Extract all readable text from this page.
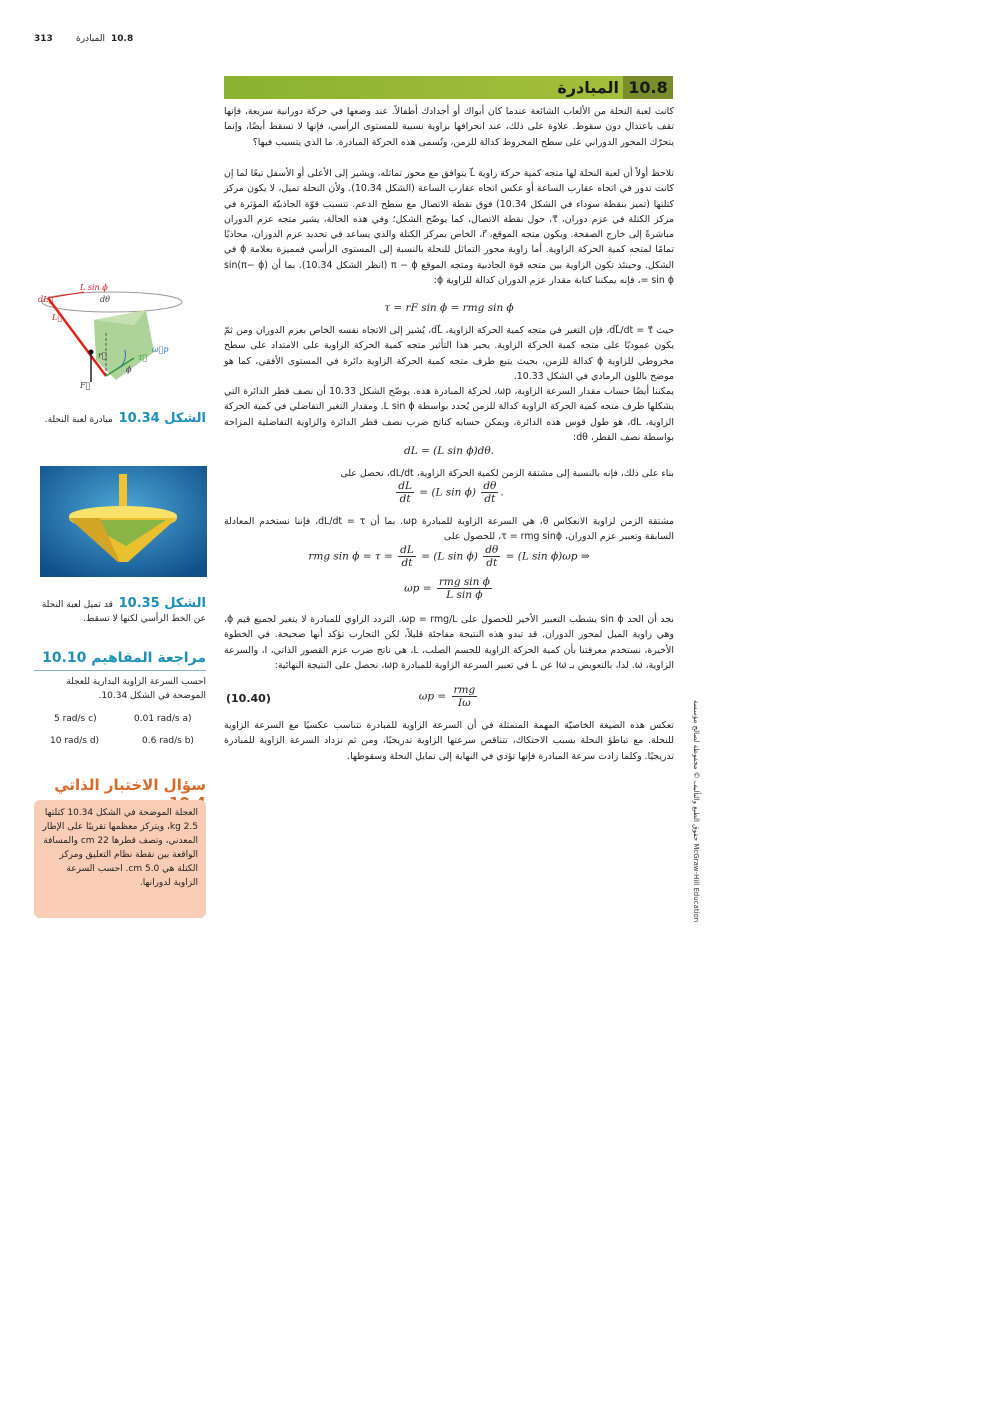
313	المبادرة 10.8
10.8
المبادرة
كانت لعبة النحلة من الألعاب الشائعة عندما كان أبواك أو أجدادك أطفالاً. عند وضعها في حركة دورانية سريعة، فإنها تقف باعتدال دون سقوط. علاوة على ذلك، عند انحرافها بزاوية نسبية للمستوى الرأسي، فإنها لا تسقط أيضًا، وإنما يتحرّك المحور الدوراني على سطح المخروط كدالة للزمن، وتُسمى هذه الحركة المبادرة. ما الذي يتسبب فيها؟
تلاحظ أولاً أن لعبة النحلة لها متجه كمية حركة زاوية L⃗ يتوافق مع محور تماثله، ويشير إلى الأعلى أو الأسفل تبعًا لما إن كانت تدور في اتجاه عقارب الساعة أو عكس اتجاه عقارب الساعة (الشكل 10.34). ولأن النحلة تميل، لا يكون مركز كتلتها (تميز بنقطة سوداء في الشكل 10.34) فوق نقطة الاتصال مع سطح الدعم. تتسبب قوّة الجاذبيّة المؤثرة في مركز الكتلة في عزم دوران، τ⃗، حول نقطة الاتصال، كما يوضّح الشكل؛ وفي هذه الحالة، يشير متجه عزم الدوران مباشرةً إلى خارج الصفحة. ويكون متجه الموقع، r⃗، الخاص بمركز الكتلة والذي يساعد في تحديد عزم الدوران، محاذيًا تمامًا لمتجه كمية الحركة الزاوية. أما زاوية محور التماثل للنحلة بالنسبة إلى المستوى الرأسي فمميزة بعلامة ϕ في الشكل. وحينئذ تكون الزاوية بين متجه قوة الجاذبية ومتجه الموقع π − ϕ (انظر الشكل 10.34). بما أن sin(π− ϕ) = sin ϕ، فإنه يمكننا كتابة مقدار عزم الدوران كدالة للزاوية ϕ:
τ = rF sin ϕ = rmg sin ϕ
حيث dL⃗/dt = τ⃗، فإن التغير في متجه كمية الحركة الزاوية، dL⃗، يُشير إلى الاتجاه نفسه الخاص بعزم الدوران ومن ثمّ يكون عموديًا على متجه كمية الحركة الزاوية. يحير هذا التأثير متجه كمية الحركة الزاوية على الامتداد على سطح مخروطي للزاوية ϕ كدالة للزمن، بحيث يتبع طرف متجه كمية الحركة الزاوية دائرة في المستوى الأفقي، كما هو موضح باللون الرمادي في الشكل 10.33.
يمكننا أيضًا حساب مقدار السرعة الزاوية، ωp، لحركة المبادرة هذه. يوضّح الشكل 10.33 أن نصف قطر الدائرة التي يشكلها طرف متجه كمية الحركة الزاوية كدالة للزمن يُحدد بواسطة L sin ϕ. ومقدار التغير التفاضلي في كمية الحركة الزاوية، dL، هو طول قوس هذه الدائرة، ويمكن حسابه كناتج ضرب نصف قطر الدائرة والزاوية التفاضلية المزاحة بواسطة نصف القطر، dθ:
dL = (L sin ϕ)dθ.
بناء على ذلك، فإنه بالنسبة إلى مشتقة الزمن لكمية الحركة الزاوية، dL/dt، نحصل على
$\frac{dL}{dt} = (L$ $\sin \phi) \frac{d\theta}{dt}$ .
مشتقة الزمن لزاوية الانعكاس θ، هي السرعة الزاوية للمبادرة ωp. بما أن dL/dt = τ، فإننا نستخدم المعادلة السابقة وتعبير عزم الدوران، τ = rmg sinϕ، للحصول على
rmg $\sin \phi = \tau = \frac{dL}{dt} = (L$ $\sin \phi) \frac{d\theta}{dt} = (L$ sin ϕ)ωp ⇒
$\omega p = \frac{\text{rmg sin ϕ}}{\text{L sin ϕ}}$
نجد أن الحد sin ϕ يشطب التعبير الأخير للحصول على ωp = rmg/L. التردد الزاوي للمبادرة لا يتغير لجميع قيم ϕ، وهي زاوية الميل لمحور الدوران. قد تبدو هذه النتيجة مفاجئة قليلاً، لكن التجارب تؤكد أنها صحيحة. في الخطوة الأخيرة، نستخدم معرفتنا بأن كمية الحركة الزاوية للجسم الصلب، L، هي ناتج ضرب عزم القصور الذاتي، I، والسرعة الزاوية، ω. لذا، بالتعويض بـ Iω عن L في تعبير السرعة الزاوية للمبادرة ωp، نحصل على النتيجة النهائية:
$\omega p = \frac{\text{rmg}}{I\omega}$
(10.40)
تعكس هذه الصيغة الخاصيّة المهمة المتمثلة في أن السرعة الزاوية للمبادرة تتناسب عكسيًا مع السرعة الزاوية للنحلة. مع تباطؤ النحلة بسبب الاحتكاك، تتناقص سرعتها الزاوية تدريجيًا، ومن ثم تزداد السرعة الزاوية للمبادرة تدريجيًا. وكلما زادت سرعة المبادرة فإنها تؤدي في النهاية إلى تمايل النحلة وسقوطها.
L sin ϕ
dθ
dL⃗
L⃗
ω⃗p
ϕ
r⃗
F⃗
τ⃗
الشكل 10.34  مبادرة لعبة النحلة.
الشكل 10.35  قد تميل لعبة النحلة عن الخط الرأسي لكنها لا تسقط.
مراجعة المفاهيم 10.10
احسب السرعة الزاوية البدارية للعجلة الموضحة في الشكل 10.34.
0.01 rad/s a)
5 rad/s c)
0.6 rad/s b)
10 rad/s d)
سؤال الاختبار الذاتي
العجلة الموضحة في الشكل 10.34 كتلتها 2.5 kg، ويتركز معظمها تقريبًا على الإطار المعدني، وتصف قطرها 22 cm والمسافة الواقعة بين نقطة نظام التعليق ومركز الكتلة هي 5.0 cm. احسب السرعة الزاوية لدورانها.
حقوق الطبع والتأليف © محفوظة لصالح مؤسسة McGraw-Hill Education
